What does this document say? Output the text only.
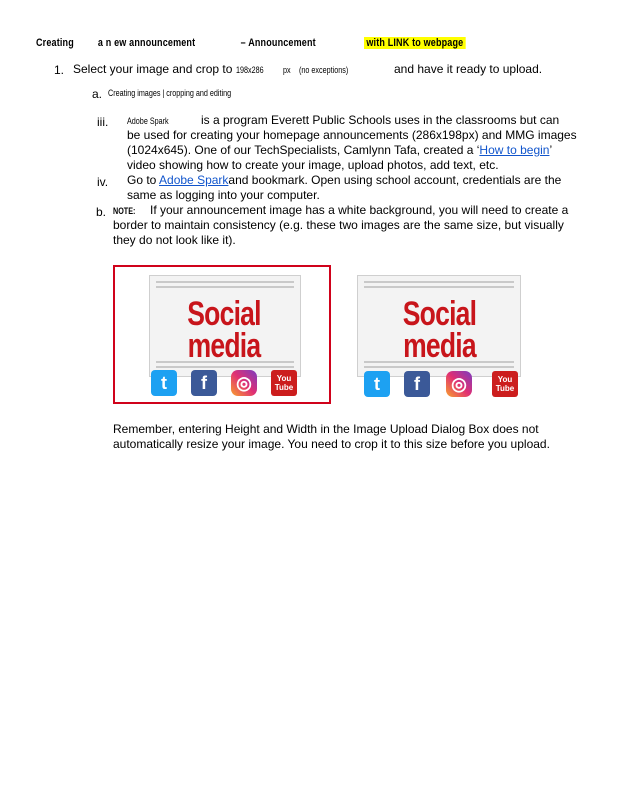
Creating a n ew announcement	– Announcement	with LINK to webpage
1. Select your image and crop to 198x286 px (no exceptions)	and have it ready to upload.
a. Creating images | cropping and editing
iii. Adobe Spark	is a program Everett Public Schools uses in the classrooms but can
be used for creating your homepage announcements (286x198px) and MMG images
(1024x645). One of our TechSpecialists, Camlynn Tafa, created a ‘How to begin’
video showing how to create your image, upload photos, add text, etc.
iv. Go to Adobe Sparkand bookmark. Open using school account, credentials are the
same as logging into your computer.
b. NOTE: If your announcement image has a white background, you will need to create a
border to maintain consistency (e.g. these two images are the same size, but visually
they do not look like it).
Social
media
t	f	◎	You Tube
Social
media
t	f	◎	You Tube
Remember, entering Height and Width in the Image Upload Dialog Box does not
automatically resize your image. You need to crop it to this size before you upload.
